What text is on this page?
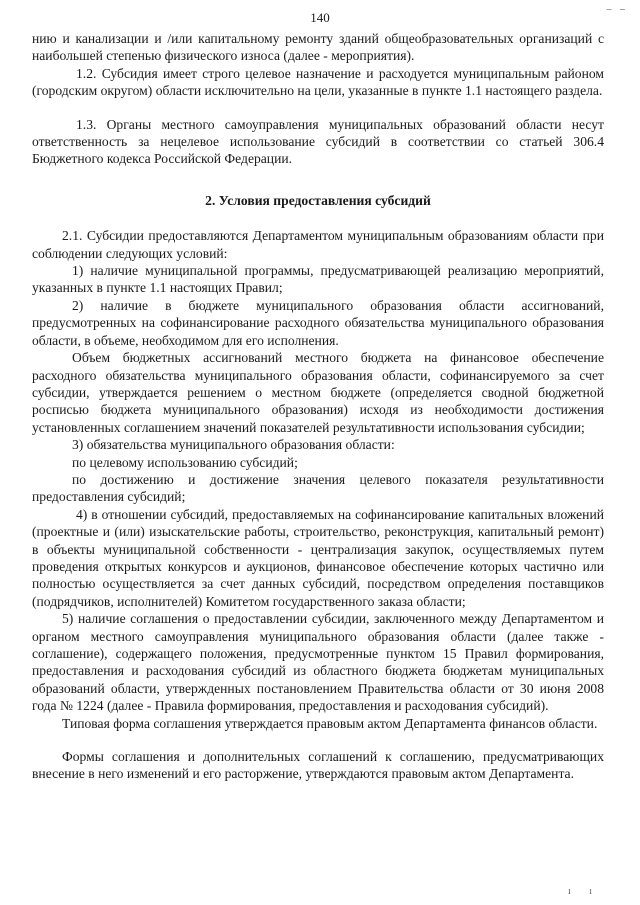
_ _
140

нию и канализации и /или капитальному ремонту зданий общеобразовательных организаций с наибольшей степенью физического износа (далее - мероприятия).

1.2. Субсидия имеет строго целевое назначение и расходуется муниципальным районом (городским округом) области исключительно на цели, указанные в пункте 1.1 настоящего раздела.

1.3. Органы местного самоуправления муниципальных образований области несут ответственность за нецелевое использование субсидий в соответствии со статьей 306.4 Бюджетного кодекса Российской Федерации.

2. Условия предоставления субсидий

2.1. Субсидии предоставляются Департаментом муниципальным образованиям области при соблюдении следующих условий:

1) наличие муниципальной программы, предусматривающей реализацию мероприятий, указанных в пункте 1.1 настоящих Правил;

2) наличие в бюджете муниципального образования области ассигнований, предусмотренных на софинансирование расходного обязательства муниципального образования области, в объеме, необходимом для его исполнения.

Объем бюджетных ассигнований местного бюджета на финансовое обеспечение расходного обязательства муниципального образования области, софинансируемого за счет субсидии, утверждается решением о местном бюджете (определяется сводной бюджетной росписью бюджета муниципального образования) исходя из необходимости достижения установленных соглашением значений показателей результативности использования субсидии;

3) обязательства муниципального образования области:

по целевому использованию субсидий;

по достижению и достижение значения целевого показателя результативности предоставления субсидий;

4) в отношении субсидий, предоставляемых на софинансирование капитальных вложений (проектные и (или) изыскательские работы, строительство, реконструкция, капитальный ремонт) в объекты муниципальной собственности - централизация закупок, осуществляемых путем проведения открытых конкурсов и аукционов, финансовое обеспечение которых частично или полностью осуществляется за счет данных субсидий, посредством определения поставщиков (подрядчиков, исполнителей) Комитетом государственного заказа области;

5) наличие соглашения о предоставлении субсидии, заключенного между Департаментом и органом местного самоуправления муниципального образования области (далее также - соглашение), содержащего положения, предусмотренные пунктом 15 Правил формирования, предоставления и расходования субсидий из областного бюджета бюджетам муниципальных образований области, утвержденных постановлением Правительства области от 30 июня 2008 года № 1224 (далее - Правила формирования, предоставления и расходования субсидий).

Типовая форма соглашения утверждается правовым актом Департамента финансов области.

Формы соглашения и дополнительных соглашений к соглашению, предусматривающих внесение в него изменений и его расторжение, утверждаются правовым актом Департамента.

ı ı
